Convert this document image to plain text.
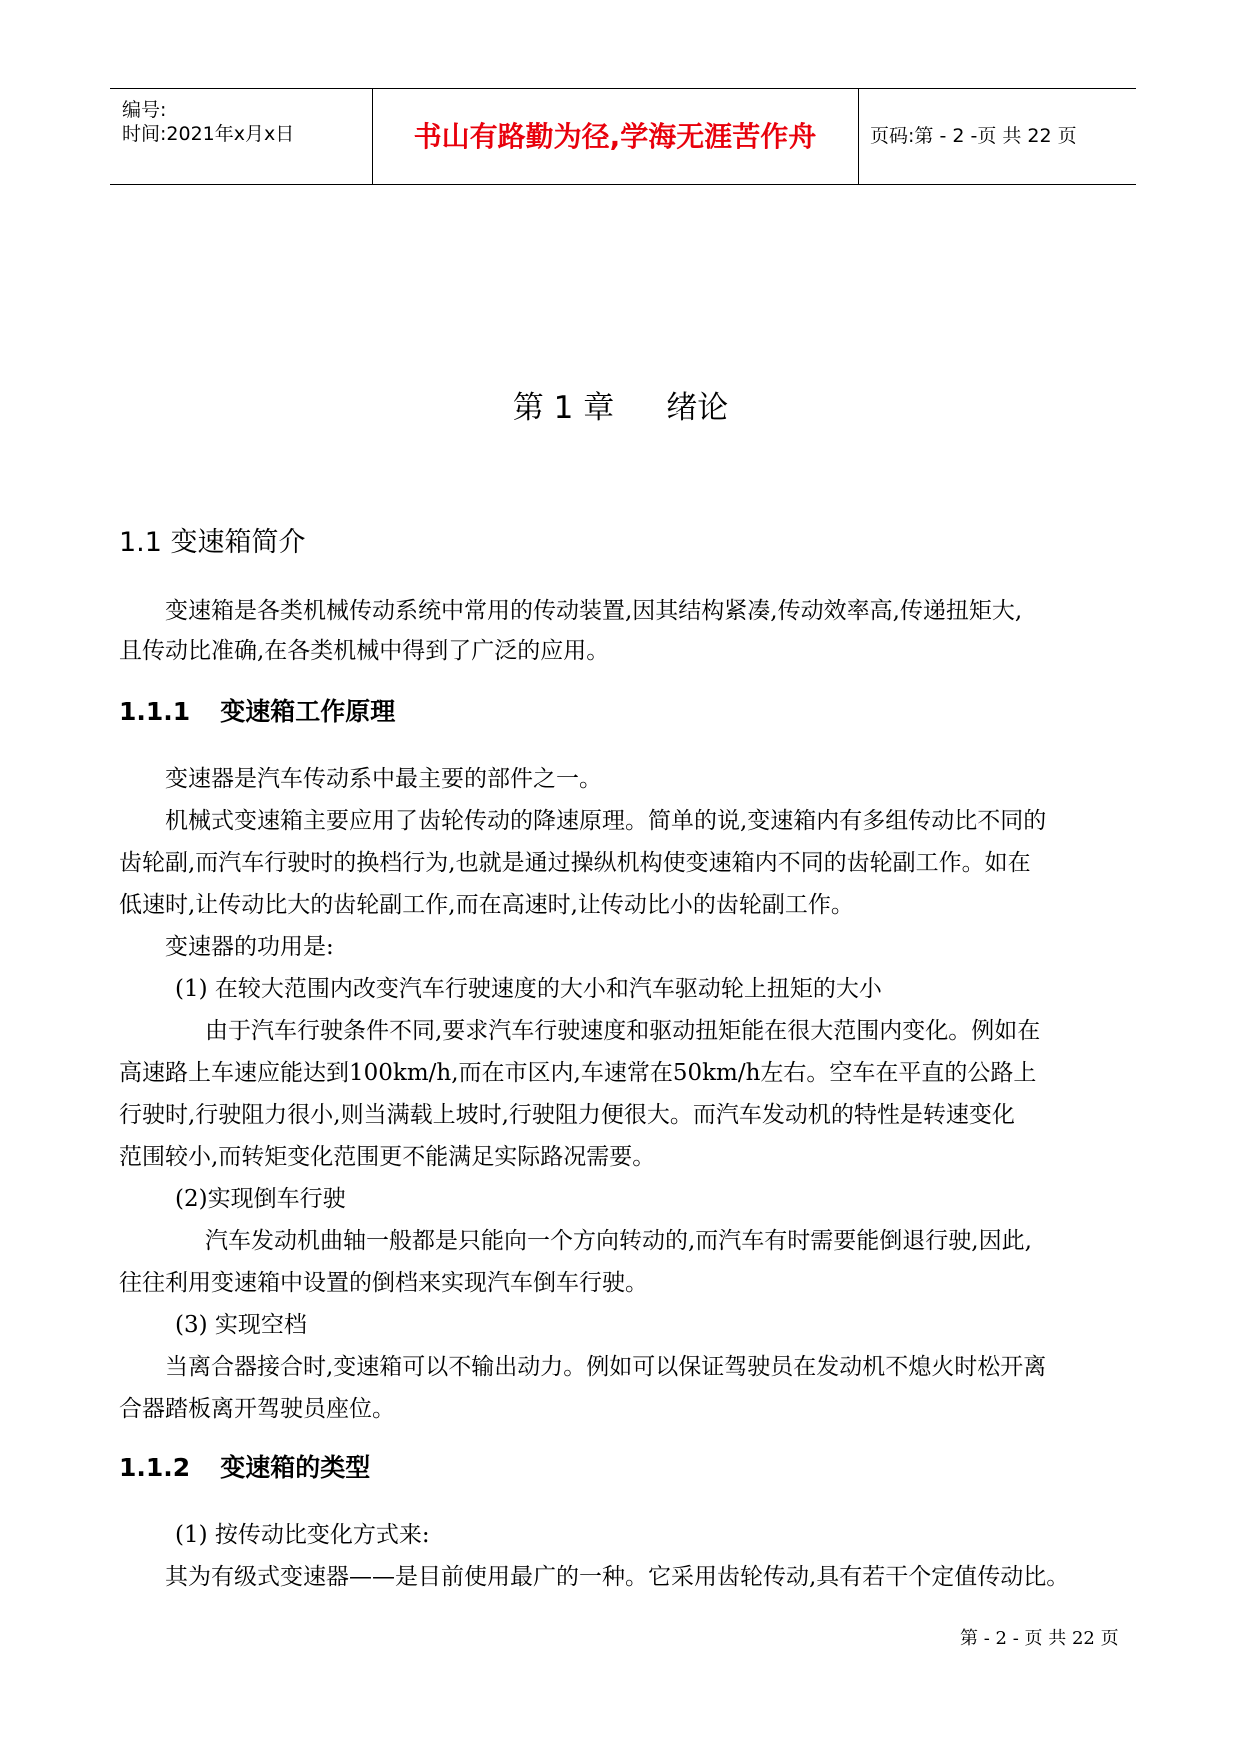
编号:
时间:2021年x月x日	书山有路勤为径,学海无涯苦作舟	页码:第 - 2 -页 共 22 页
第 1 章 绪论
1.1 变速箱简介
变速箱是各类机械传动系统中常用的传动装置,因其结构紧凑,传动效率高,传递扭矩大,
且传动比准确,在各类机械中得到了广泛的应用。
1.1.1 变速箱工作原理
变速器是汽车传动系中最主要的部件之一。
机械式变速箱主要应用了齿轮传动的降速原理。简单的说,变速箱内有多组传动比不同的
齿轮副,而汽车行驶时的换档行为,也就是通过操纵机构使变速箱内不同的齿轮副工作。如在
低速时,让传动比大的齿轮副工作,而在高速时,让传动比小的齿轮副工作。
变速器的功用是:
(1) 在较大范围内改变汽车行驶速度的大小和汽车驱动轮上扭矩的大小
由于汽车行驶条件不同,要求汽车行驶速度和驱动扭矩能在很大范围内变化。例如在
高速路上车速应能达到100km/h,而在市区内,车速常在50km/h左右。空车在平直的公路上
行驶时,行驶阻力很小,则当满载上坡时,行驶阻力便很大。而汽车发动机的特性是转速变化
范围较小,而转矩变化范围更不能满足实际路况需要。
(2)实现倒车行驶
汽车发动机曲轴一般都是只能向一个方向转动的,而汽车有时需要能倒退行驶,因此,
往往利用变速箱中设置的倒档来实现汽车倒车行驶。
(3) 实现空档
当离合器接合时,变速箱可以不输出动力。例如可以保证驾驶员在发动机不熄火时松开离
合器踏板离开驾驶员座位。
1.1.2 变速箱的类型
(1) 按传动比变化方式来:
其为有级式变速器——是目前使用最广的一种。它采用齿轮传动,具有若干个定值传动比。
第 - 2 - 页 共 22 页
